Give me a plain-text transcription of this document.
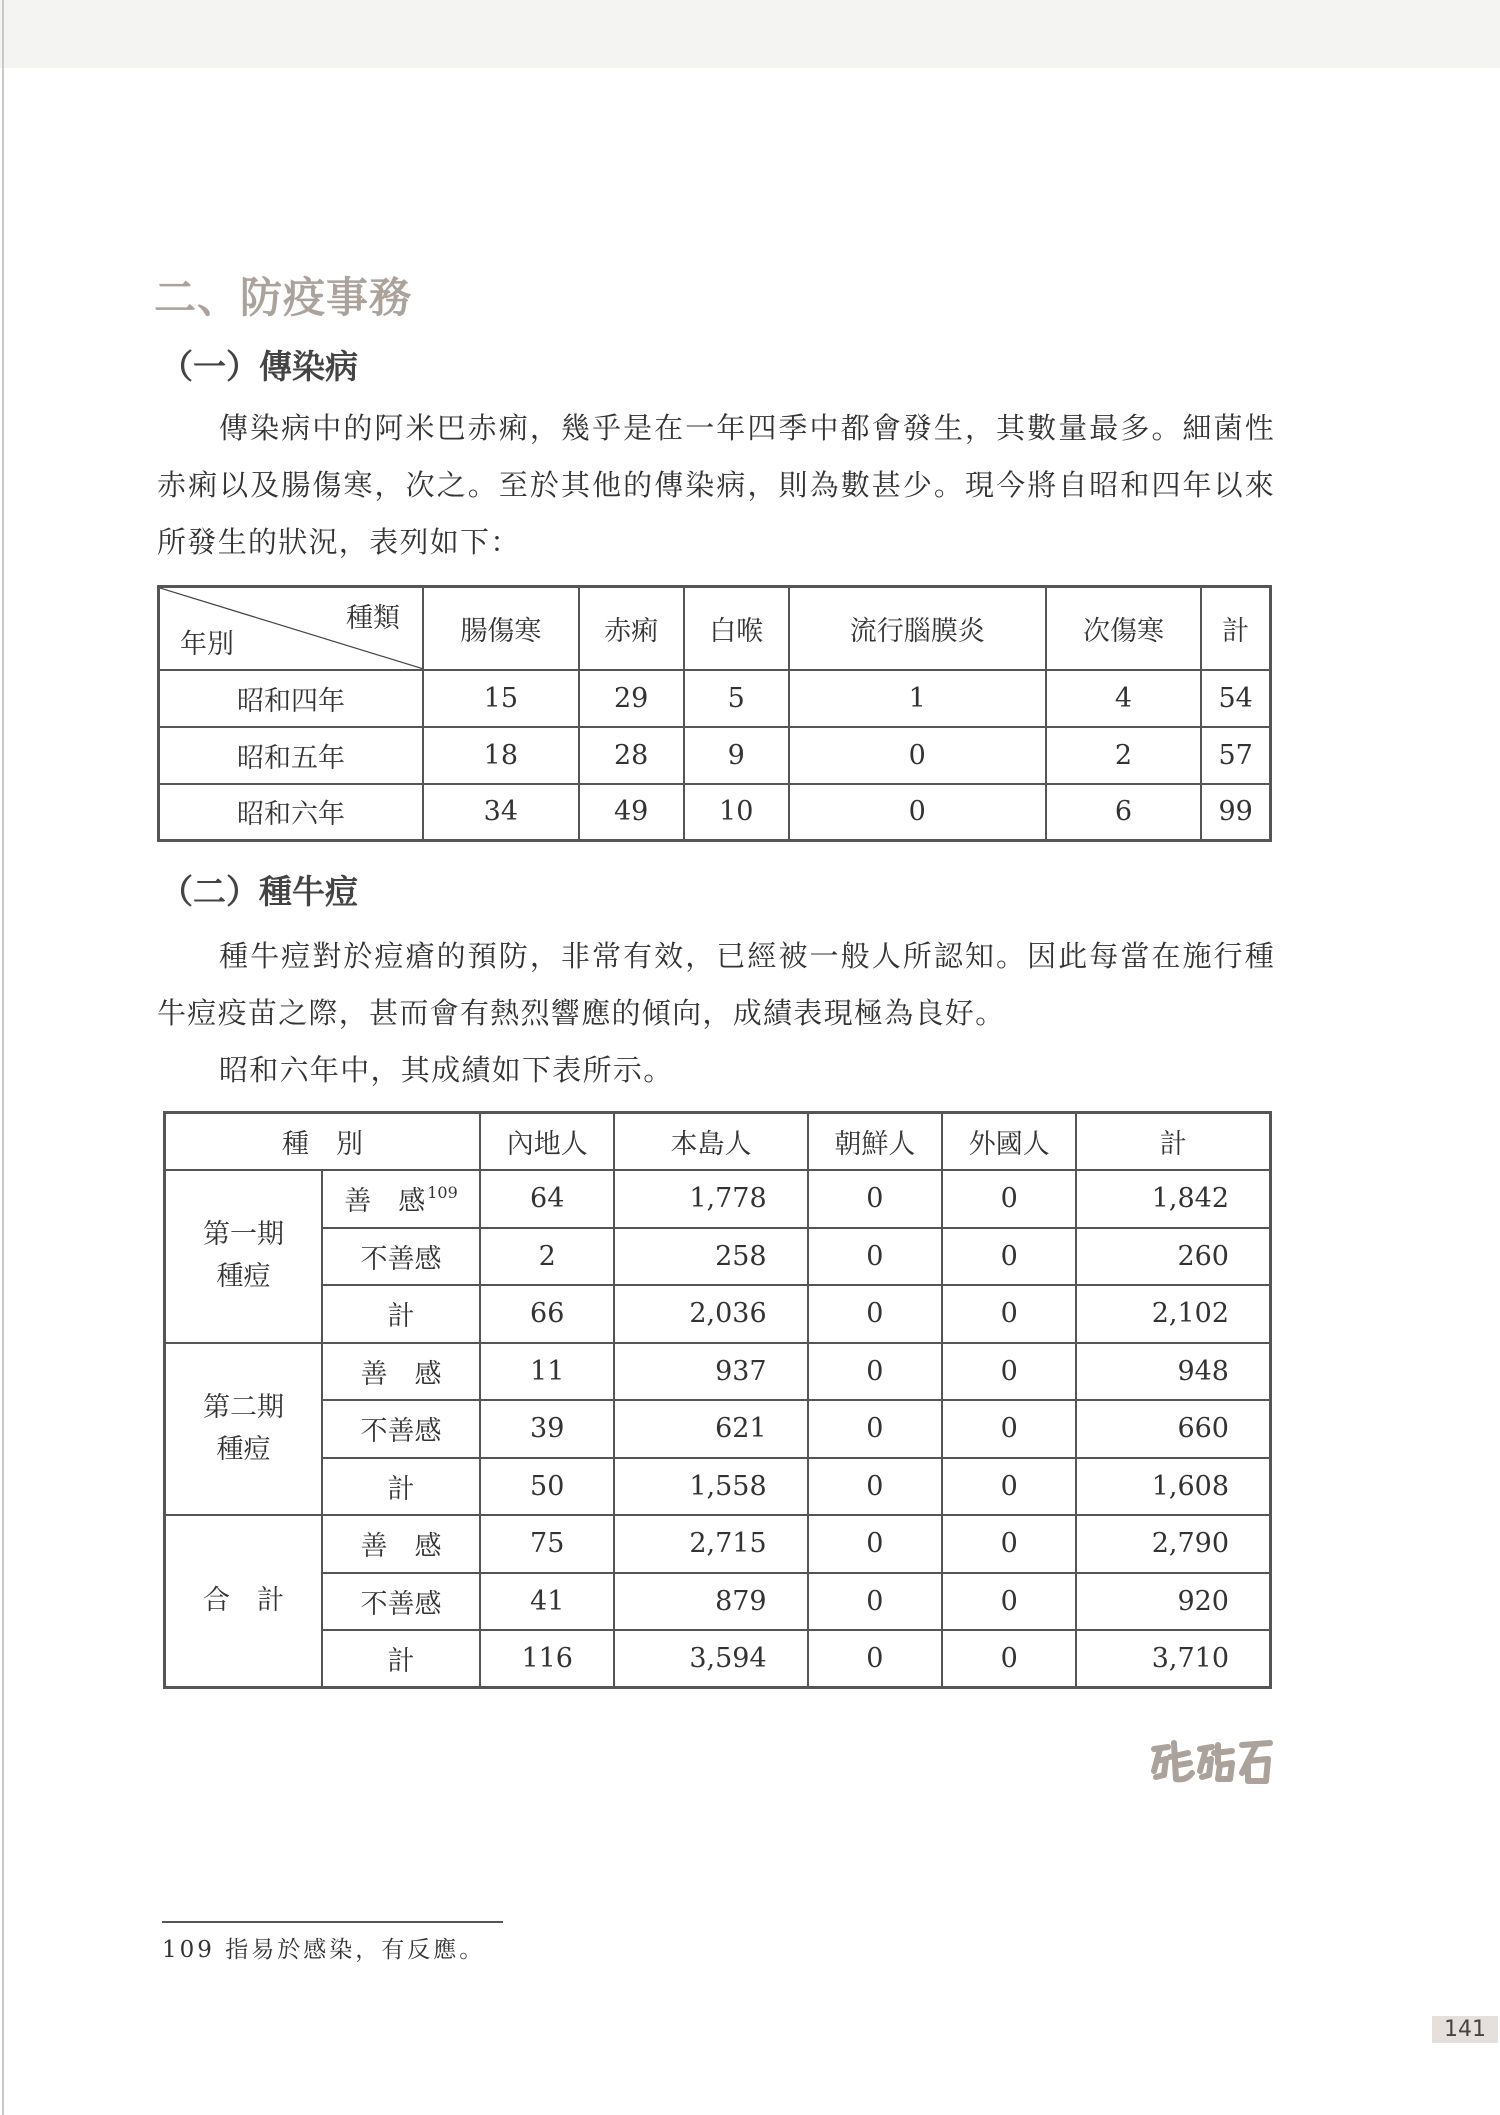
二、防疫事務
（一）傳染病

傳染病中的阿米巴赤痢，幾乎是在一年四季中都會發生，其數量最多。細菌性赤痢以及腸傷寒，次之。至於其他的傳染病，則為數甚少。現今將自昭和四年以來所發生的狀況，表列如下：

種類
年別	腸傷寒	赤痢	白喉	流行腦膜炎	次傷寒	計
昭和四年	15	29	5	1	4	54
昭和五年	18	28	9	0	2	57
昭和六年	34	49	10	0	6	99
（二）種牛痘

種牛痘對於痘瘡的預防，非常有效，已經被一般人所認知。因此每當在施行種牛痘疫苗之際，甚而會有熱烈響應的傾向，成績表現極為良好。

昭和六年中，其成績如下表所示。

種　別		內地人	本島人	朝鮮人	外國人	計
第一期
種痘	善　感 $^{109}$	64	1,778	0	0	1,842
	不善感	2	258	0	0	260
	計	66	2,036	0	0	2,102
第二期
種痘	善　感	11	937	0	0	948
	不善感	39	621	0	0	660
	計	50	1,558	0	0	1,608
合　計	善　感	75	2,715	0	0	2,790
	不善感	41	879	0	0	920
	計	116	3,594	0	0	3,710

109 指易於感染，有反應。

141
